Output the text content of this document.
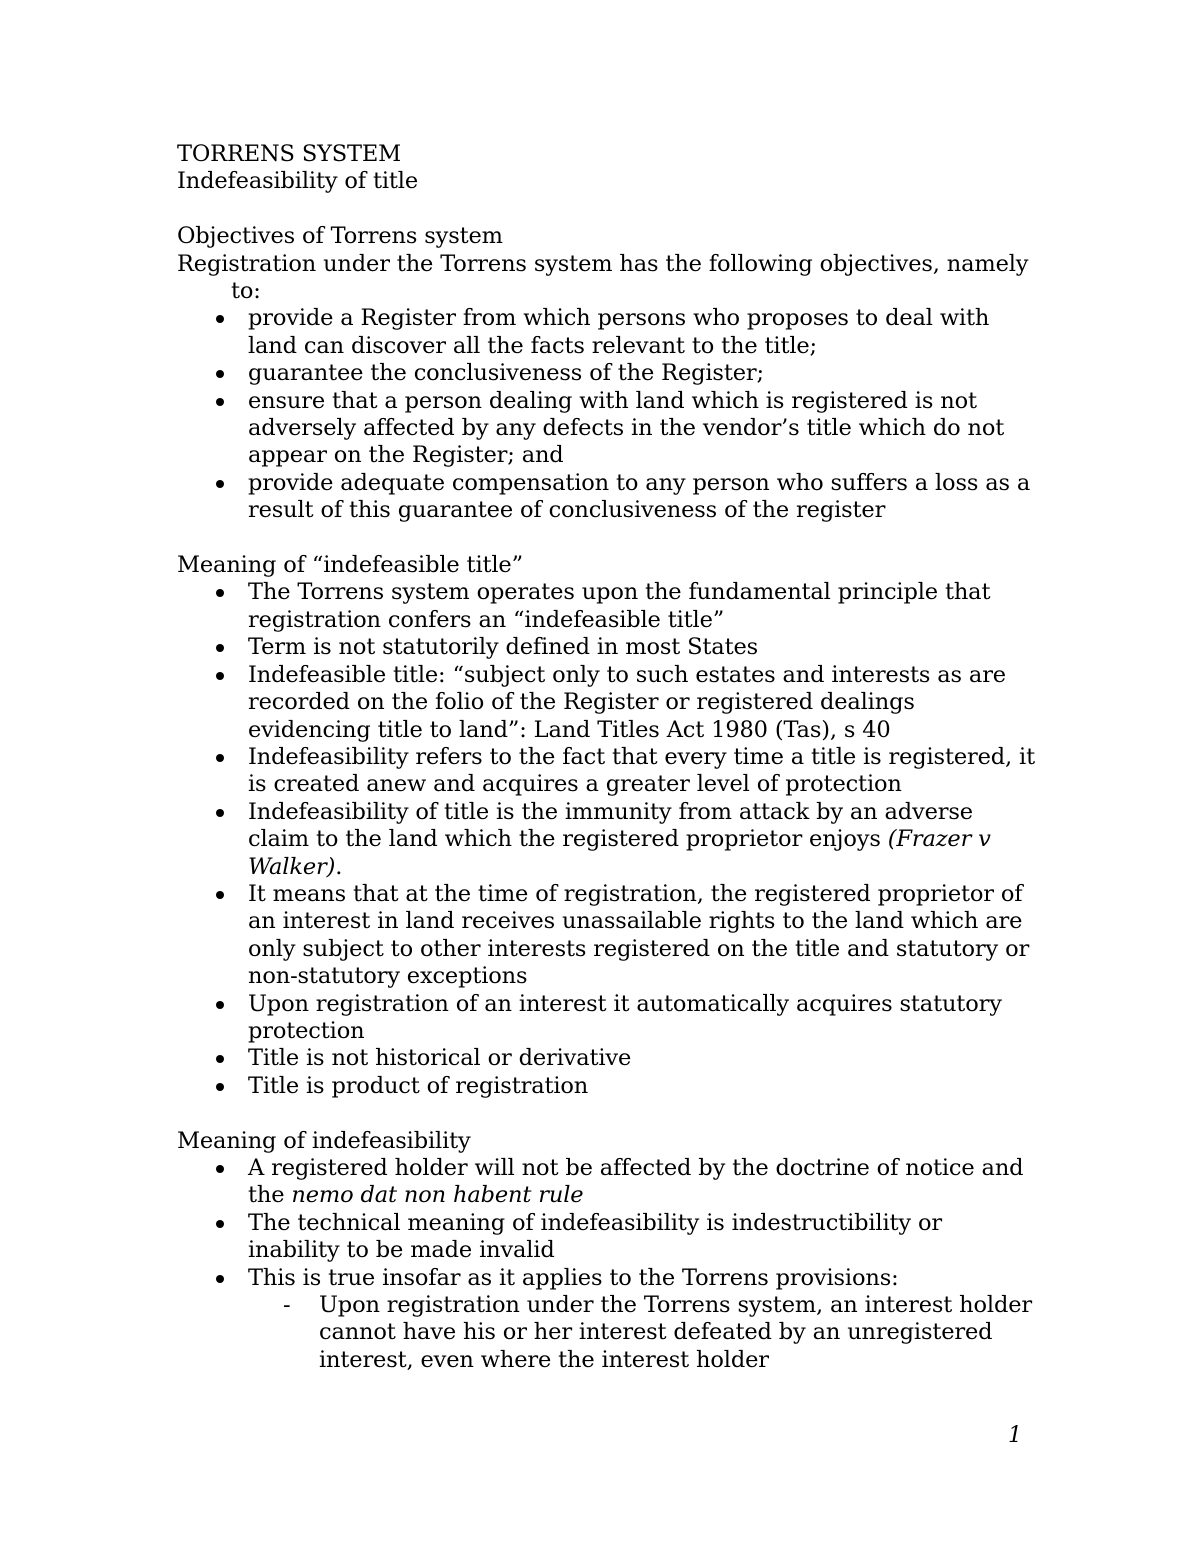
TORRENS SYSTEM

Indefeasibility of title

Objectives of Torrens system

Registration under the Torrens system has the following objectives, namely to:

provide a Register from which persons who proposes to deal with land can discover all the facts relevant to the title;
guarantee the conclusiveness of the Register;
ensure that a person dealing with land which is registered is not adversely affected by any defects in the vendor’s title which do not appear on the Register; and
provide adequate compensation to any person who suffers a loss as a result of this guarantee of conclusiveness of the register

Meaning of “indefeasible title”

The Torrens system operates upon the fundamental principle that registration confers an “indefeasible title”
Term is not statutorily defined in most States
Indefeasible title: “subject only to such estates and interests as are recorded on the folio of the Register or registered dealings evidencing title to land”: Land Titles Act 1980 (Tas), s 40
Indefeasibility refers to the fact that every time a title is registered, it is created anew and acquires a greater level of protection
Indefeasibility of title is the immunity from attack by an adverse claim to the land which the registered proprietor enjoys (Frazer v Walker).
It means that at the time of registration, the registered proprietor of an interest in land receives unassailable rights to the land which are only subject to other interests registered on the title and statutory or non-statutory exceptions
Upon registration of an interest it automatically acquires statutory protection
Title is not historical or derivative
Title is product of registration

Meaning of indefeasibility

A registered holder will not be affected by the doctrine of notice and the nemo dat non habent rule
The technical meaning of indefeasibility is indestructibility or inability to be made invalid
This is true insofar as it applies to the Torrens provisions:
- Upon registration under the Torrens system, an interest holder cannot have his or her interest defeated by an unregistered interest, even where the interest holder
1
